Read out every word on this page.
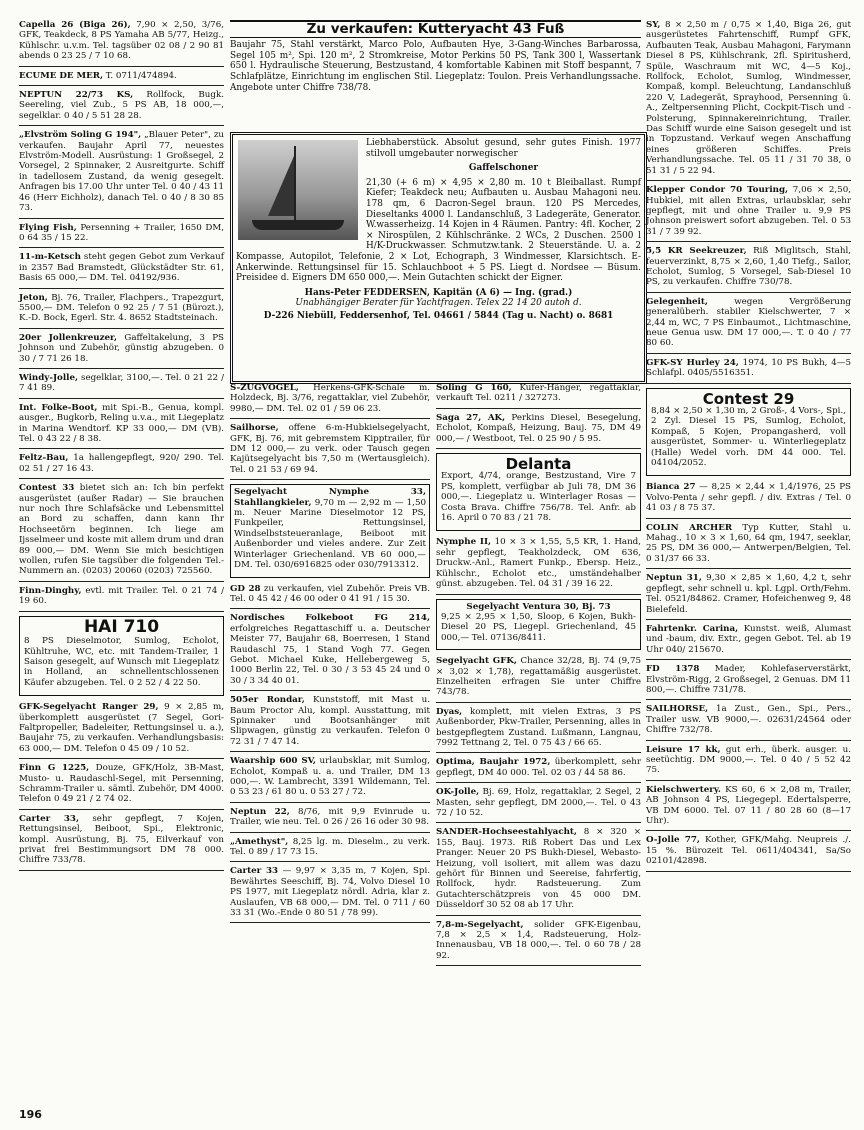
Capella 26 (Biga 26), 7,90 × 2,50, 3/76, GFK, Teakdeck, 8 PS Yamaha AB 5/77, Heizg., Kühlschr. u.v.m. Tel. tagsüber 02 08 / 2 90 81 abends 0 23 25 / 7 10 68.
ECUME DE MER, T. 0711/474894.
NEPTUN 22/73 KS, Rollfock, Bugk. Seereling, viel Zub., 5 PS AB, 18 000,—, segelklar. 0 40 / 5 51 28 28.
„Elvström Soling G 194", „Blauer Peter", zu verkaufen. Baujahr April 77, neuestes Elvström-Modell. Ausrüstung: 1 Großsegel, 2 Vorsegel, 2 Spinnaker, 2 Ausreitgurte. Schiff in tadellosem Zustand, da wenig gesegelt. Anfragen bis 17.00 Uhr unter Tel. 0 40 / 43 11 46 (Herr Eichholz), danach Tel. 0 40 / 8 30 85 73.
Flying Fish, Persenning + Trailer, 1650 DM, 0 64 35 / 15 22.
11-m-Ketsch steht gegen Gebot zum Verkauf in 2357 Bad Bramstedt, Glückstädter Str. 61, Basis 65 000,— DM. Tel. 04192/936.
Jeton, Bj. 76, Trailer, Flachpers., Trapezgurt, 5500,— DM. Telefon 0 92 25 / 7 51 (Bürozt.), K.-D. Bock, Egerl. Str. 4. 8652 Stadtsteinach.
20er Jollenkreuzer, Gaffeltakelung, 3 PS Johnson und Zubehör, günstig abzugeben. 0 30 / 7 71 26 18.
Windy-Jolle, segelklar, 3100,—. Tel. 0 21 22 / 7 41 89.
Int. Folke-Boot, mit Spi.-B., Genua, kompl. ausger., Bugkorb, Reling u.v.a., mit Liegeplatz in Marina Wendtorf. KP 33 000,— DM (VB). Tel. 0 43 22 / 8 38.
Feltz-Bau, 1a hallengepflegt, 920/ 290. Tel. 02 51 / 27 16 43.
Contest 33 bietet sich an: Ich bin perfekt ausgerüstet (außer Radar) — Sie brauchen nur noch Ihre Schlafsäcke und Lebensmittel an Bord zu schaffen, dann kann Ihr Hochseetörn beginnen. Ich liege am Ijsselmeer und koste mit allem drum und dran 89 000,— DM. Wenn Sie mich besichtigen wollen, rufen Sie tagsüber die folgenden Tel.-Nummern an. (0203) 20060 (0203) 725560.
Finn-Dinghy, evtl. mit Trailer. Tel. 0 21 74 / 19 60.
HAI 710
8 PS Dieselmotor, Sumlog, Echolot, Kühltruhe, WC, etc. mit Tandem-Trailer, 1 Saison gesegelt, auf Wunsch mit Liegeplatz in Holland, an schnellentschlossenen Käufer abzugeben. Tel. 0 2 52 / 4 22 50.
GFK-Segelyacht Ranger 29, 9 × 2,85 m, überkomplett ausgerüstet (7 Segel, Gori-Faltpropeller, Badeleiter, Rettungsinsel u. a.), Baujahr 75, zu verkaufen. Verhandlungsbasis: 63 000,— DM. Telefon 0 45 09 / 10 52.
Finn G 1225, Douze, GFK/Holz, 3B-Mast, Musto- u. Raudaschl-Segel, mit Persenning, Schramm-Trailer u. sämtl. Zubehör, DM 4000. Telefon 0 49 21 / 2 74 02.
Carter 33, sehr gepflegt, 7 Kojen, Rettungsinsel, Beiboot, Spi., Elektronic, kompl. Ausrüstung, Bj. 75, Eilverkauf von privat frei Bestimmungsort DM 78 000. Chiffre 733/78.
Zu verkaufen: Kutteryacht 43 Fuß
Baujahr 75, Stahl verstärkt, Marco Polo, Aufbauten Hye, 3-Gang-Winches Barbarossa, Segel 105 m², Spi. 120 m², 2 Stromkreise, Motor Perkins 50 PS, Tank 300 l, Wassertank 650 l. Hydraulische Steuerung, Bestzustand, 4 komfortable Kabinen mit Stoff bespannt, 7 Schlafplätze, Einrichtung im englischen Stil. Liegeplatz: Toulon. Preis Verhandlungssache. Angebote unter Chiffre 738/78.
Liebhaberstück. Absolut gesund, sehr gutes Finish. 1977 stilvoll umgebauter norwegischer
Gaffelschoner
21,30 (+ 6 m) × 4,95 × 2,80 m. 10 t Bleiballast. Rumpf Kiefer; Teakdeck neu; Aufbauten u. Ausbau Mahagoni neu. 178 qm, 6 Dacron-Segel braun. 120 PS Mercedes, Dieseltanks 4000 l. Landanschluß, 3 Ladegeräte, Generator. W.wasserheizg. 14 Kojen in 4 Räumen. Pantry: 4fl. Kocher, 2 × Nirospülen, 2 Kühlschränke. 2 WCs, 2 Duschen. 2500 l H/K-Druckwasser. Schmutzw.tank. 2 Steuerstände. U. a. 2 Kompasse, Autopilot, Telefonie, 2 × Lot, Echograph, 3 Windmesser, Klarsichtsch. E-Ankerwinde. Rettungsinsel für 15. Schlauchboot + 5 PS. Liegt d. Nordsee — Büsum. Preisidee d. Eigners DM 650 000,—. Mein Gutachten schickt der Eigner.
Hans-Peter FEDDERSEN, Kapitän (A 6) — Ing. (grad.)
Unabhängiger Berater für Yachtfragen. Telex 22 14 20 autoh d.
D-226 Niebüll, Feddersenhof, Tel. 04661 / 5844 (Tag u. Nacht) o. 8681
S-ZUGVOGEL, Herkens-GFK-Schale m. Holzdeck, Bj. 3/76, regattaklar, viel Zubehör, 9980,— DM. Tel. 02 01 / 59 06 23.
Sailhorse, offene 6-m-Hubkielsegelyacht, GFK, Bj. 76, mit gebremstem Kipptrailer, für DM 12 000,— zu verk. oder Tausch gegen Kajütsegelyacht bis 7,50 m (Wertausgleich). Tel. 0 21 53 / 69 94.
Segelyacht Nymphe 33, Stahllangkieler, 9,70 m — 2,92 m — 1,50 m. Neuer Marine Dieselmotor 12 PS, Funkpeiler, Rettungsinsel, Windselbststeueranlage, Beiboot mit Außenborder und vieles andere. Zur Zeit Winterlager Griechenland. VB 60 000,— DM. Tel. 030/6916825 oder 030/7913312.
GD 28 zu verkaufen, viel Zubehör. Preis VB. Tel. 0 45 42 / 46 00 oder 0 41 91 / 15 30.
Nordisches Folkeboot FG 214, erfolgreiches Regattaschiff u. a. Deutscher Meister 77, Baujahr 68, Boerresen, 1 Stand Raudaschl 75, 1 Stand Vogh 77. Gegen Gebot. Michael Kuke, Hellebergeweg 5, 1000 Berlin 22, Tel. 0 30 / 3 53 45 24 und 0 30 / 3 34 40 01.
505er Rondar, Kunststoff, mit Mast u. Baum Proctor Alu, kompl. Ausstattung, mit Spinnaker und Bootsanhänger mit Slipwagen, günstig zu verkaufen. Telefon 0 72 31 / 7 47 14.
Waarship 600 SV, urlaubsklar, mit Sumlog, Echolot, Kompaß u. a. und Trailer, DM 13 000,—. W. Lambrecht, 3391 Wildemann, Tel. 0 53 23 / 61 80 u. 0 53 27 / 72.
Neptun 22, 8/76, mit 9,9 Evinrude u. Trailer, wie neu. Tel. 0 26 / 26 16 oder 30 98.
„Amethyst", 8,25 lg. m. Dieselm., zu verk. Tel. 0 89 / 17 73 15.
Carter 33 — 9,97 × 3,35 m, 7 Kojen, Spi. Bewährtes Seeschiff, Bj. 74, Volvo Diesel 10 PS 1977, mit Liegeplatz nördl. Adria, klar z. Auslaufen, VB 68 000,— DM. Tel. 0 711 / 60 33 31 (Wo.-Ende 0 80 51 / 78 99).
Soling G 160, Kufer-Hänger, regattaklar, verkauft Tel. 0211 / 327273.
Saga 27, AK, Perkins Diesel, Besegelung, Echolot, Kompaß, Heizung, Bauj. 75, DM 49 000,— / Westboot, Tel. 0 25 90 / 5 95.
Delanta
Export, 4/74, orange, Bestzustand, Vire 7 PS, komplett, verfügbar ab Juli 78, DM 36 000,—. Liegeplatz u. Winterlager Rosas — Costa Brava. Chiffre 756/78. Tel. Anfr. ab 16. April 0 70 83 / 21 78.
Nymphe II, 10 × 3 × 1,55, 5,5 KR, 1. Hand, sehr gepflegt, Teakholzdeck, OM 636, Druckw.-Anl., Ramert Funkp., Ebersp. Heiz., Kühlschr., Echolot etc., umständehalber günst. abzugeben. Tel. 04 31 / 39 16 22.
Segelyacht Ventura 30, Bj. 73
9,25 × 2,95 × 1,50, Sloop, 6 Kojen, Bukh-Diesel 20 PS, Liegepl. Griechenland, 45 000,— Tel. 07136/8411.
Segelyacht GFK, Chance 32/28, Bj. 74 (9,75 × 3,02 × 1,78), regattamäßig ausgerüstet. Einzelheiten erfragen Sie unter Chiffre 743/78.
Dyas, komplett, mit vielen Extras, 3 PS Außenborder, Pkw-Trailer, Persenning, alles in bestgepflegtem Zustand. Lußmann, Langnau, 7992 Tettnang 2, Tel. 0 75 43 / 66 65.
Optima, Baujahr 1972, überkomplett, sehr gepflegt, DM 40 000. Tel. 02 03 / 44 58 86.
OK-Jolle, Bj. 69, Holz, regattaklar, 2 Segel, 2 Masten, sehr gepflegt, DM 2000,—. Tel. 0 43 72 / 10 52.
SANDER-Hochseestahlyacht, 8 × 320 × 155, Bauj. 1973. Riß Robert Das und Lex Pranger. Neuer 20 PS Bukh-Diesel, Webasto-Heizung, voll isoliert, mit allem was dazu gehört für Binnen und Seereise, fahrfertig, Rollfock, hydr. Radsteuerung. Zum Gutachterschätzpreis von 45 000 DM. Düsseldorf 30 52 08 ab 17 Uhr.
7,8-m-Segelyacht, solider GFK-Eigenbau, 7,8 × 2,5 × 1,4, Radsteuerung, Holz-Innenausbau, VB 18 000,—. Tel. 0 60 78 / 28 92.
SY, 8 × 2,50 m / 0,75 × 1,40, Biga 26, gut ausgerüstetes Fahrtenschiff, Rumpf GFK, Aufbauten Teak, Ausbau Mahagoni, Farymann Diesel 8 PS, Kühlschrank, 2fl. Spiritusherd, Spüle, Waschraum mit WC, 4—5 Koj., Rollfock, Echolot, Sumlog, Windmesser, Kompaß, kompl. Beleuchtung, Landanschluß 220 V, Ladegerät, Sprayhood, Persenning ü. A., Zeltpersenning Plicht, Cockpit-Tisch und -Polsterung, Spinnakereinrichtung, Trailer. Das Schiff wurde eine Saison gesegelt und ist in Topzustand. Verkauf wegen Anschaffung eines größeren Schiffes. Preis Verhandlungssache. Tel. 05 11 / 31 70 38, 0 51 31 / 5 22 94.
Klepper Condor 70 Touring, 7,06 × 2,50, Hubkiel, mit allen Extras, urlaubsklar, sehr gepflegt, mit und ohne Trailer u. 9,9 PS Johnson preiswert sofort abzugeben. Tel. 0 53 31 / 7 39 92.
5,5 KR Seekreuzer, Riß Miglitsch, Stahl, feuerverzinkt, 8,75 × 2,60, 1,40 Tiefg., Sailor, Echolot, Sumlog, 5 Vorsegel, Sab-Diesel 10 PS, zu verkaufen. Chiffre 730/78.
Gelegenheit, wegen Vergrößerung generalüberh. stabiler Kielschwerter, 7 × 2,44 m, WC, 7 PS Einbaumot., Lichtmaschine, neue Genua usw. DM 17 000,—. T. 0 40 / 77 80 60.
GFK-SY Hurley 24, 1974, 10 PS Bukh, 4—5 Schlafpl. 0405/5516351.
Contest 29
8,84 × 2,50 × 1,30 m, 2 Groß-, 4 Vors-, Spi., 2 Zyl. Diesel 15 PS, Sumlog, Echolot, Kompaß, 5 Kojen, Propangasherd, voll ausgerüstet, Sommer- u. Winterliegeplatz (Halle) Wedel vorh. DM 44 000. Tel. 04104/2052.
Bianca 27 — 8,25 × 2,44 × 1,4/1976, 25 PS Volvo-Penta / sehr gepfl. / div. Extras / Tel. 0 41 03 / 8 75 37.
COLIN ARCHER Typ Kutter, Stahl u. Mahag., 10 × 3 × 1,60, 64 qm, 1947, seeklar, 25 PS, DM 36 000,— Antwerpen/Belgien, Tel. 0 31/37 66 33.
Neptun 31, 9,30 × 2,85 × 1,60, 4,2 t, sehr gepflegt, sehr schnell u. kpl. Lgpl. Orth/Fehm. Tel. 0521/84862. Cramer, Hofeichenweg 9, 48 Bielefeld.
Fahrtenkr. Carina, Kunstst. weiß, Alumast und -baum, div. Extr., gegen Gebot. Tel. ab 19 Uhr 040/ 215670.
FD 1378 Mader, Kohlefaserverstärkt, Elvström-Rigg, 2 Großsegel, 2 Genuas. DM 11 800,—. Chiffre 731/78.
SAILHORSE, 1a Zust., Gen., Spi., Pers., Trailer usw. VB 9000,—. 02631/24564 oder Chiffre 732/78.
Leisure 17 kk, gut erh., überk. ausger. u. seetüchtig. DM 9000,—. Tel. 0 40 / 5 52 42 75.
Kielschwertery. KS 60, 6 × 2,08 m, Trailer, AB Johnson 4 PS, Liegegepl. Edertalsperre, VB DM 6000. Tel. 07 11 / 80 28 60 (8—17 Uhr).
O-Jolle 77, Kother, GFK/Mahg. Neupreis ./. 15 %. Bürozeit Tel. 0611/404341, Sa/So 02101/42898.
196
